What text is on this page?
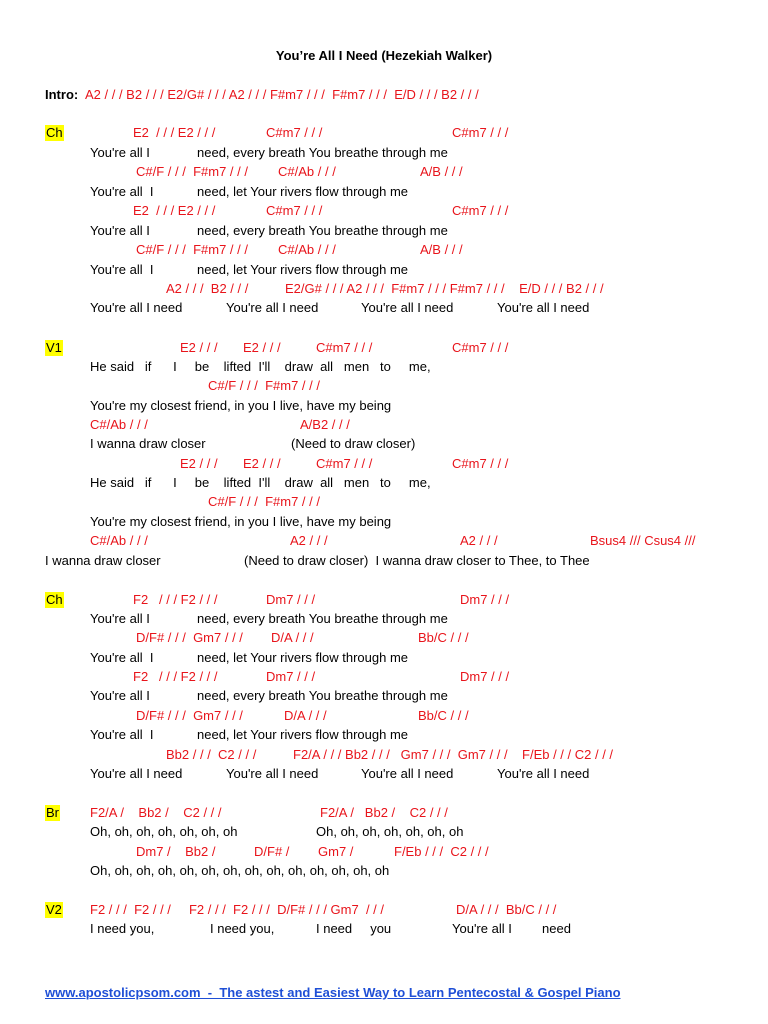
You’re All I Need (Hezekiah Walker)
Intro: A2 / / / B2 / / / E2/G# / / / A2 / / / F#m7 / / /  F#m7 / / /  E/D / / / B2 / / /
Ch	E2  / / / E2 / / /	C#m7 / / /	C#m7 / / /
You're all I	need, every breath You breathe through me
C#/F / / /  F#m7 / / / C#/Ab / / /	A/B / / /
You're all  I	need, let Your rivers flow through me
E2  / / / E2 / / /	C#m7 / / /	C#m7 / / /
You're all I	need, every breath You breathe through me
C#/F / / /  F#m7 / / / C#/Ab / / /	A/B / / /
You're all  I	need, let Your rivers flow through me
A2 / / /  B2 / / /	E2/G# / / / A2 / / /  F#m7 / / / F#m7 / / /    E/D / / / B2 / / /
You're all I need	You're all I need	You're all I need	You're all I need
V1	E2 / / / E2 / / /	C#m7 / / /	C#m7 / / /
He said   if      I     be    lifted  I'll    draw  all   men   to     me,
C#/F / / /  F#m7 / / /
You're my closest friend, in you I live, have my being
C#/Ab / / /	A/B2 / / /
I wanna draw closer	(Need to draw closer)
E2 / / / E2 / / /	C#m7 / / /	C#m7 / / /
He said   if      I     be    lifted  I'll    draw  all   men   to     me,
C#/F / / /  F#m7 / / /
You're my closest friend, in you I live, have my being
C#/Ab / / /	A2 / / /	A2 / / /	Bsus4 /// Csus4 ///
I wanna draw closer	(Need to draw closer)  I wanna draw closer to Thee, to Thee
Ch	F2   / / / F2 / / /	Dm7 / / /	Dm7 / / /
You're all I	need, every breath You breathe through me
D/F# / / /  Gm7 / / / D/A / / /	Bb/C / / /
You're all  I	need, let Your rivers flow through me
F2   / / / F2 / / /	Dm7 / / /	Dm7 / / /
You're all I	need, every breath You breathe through me
D/F# / / /  Gm7 / / /	D/A / / /	Bb/C / / /
You're all  I	need, let Your rivers flow through me
Bb2 / / /  C2 / / /	F2/A / / / Bb2 / / /   Gm7 / / /  Gm7 / / /    F/Eb / / / C2 / / /
You're all I need	You're all I need	You're all I need	You're all I need
Br F2/A /    Bb2 /    C2 / / /	F2/A /   Bb2 /    C2 / / /
Oh, oh, oh, oh, oh, oh, oh	Oh, oh, oh, oh, oh, oh, oh
Dm7 /    Bb2 /	D/F# / Gm7 /	F/Eb / / /  C2 / / /
Oh, oh, oh, oh, oh, oh, oh, oh, oh, oh, oh, oh, oh, oh
V2 F2 / / /  F2 / / /     F2 / / /  F2 / / /  D/F# / / / Gm7  / / /	D/A / / /  Bb/C / / /
I need you,	I need you,	I need     you	You're all I need
www.apostolicpsom.com  -  The astest and Easiest Way to Learn Pentecostal & Gospel Piano
